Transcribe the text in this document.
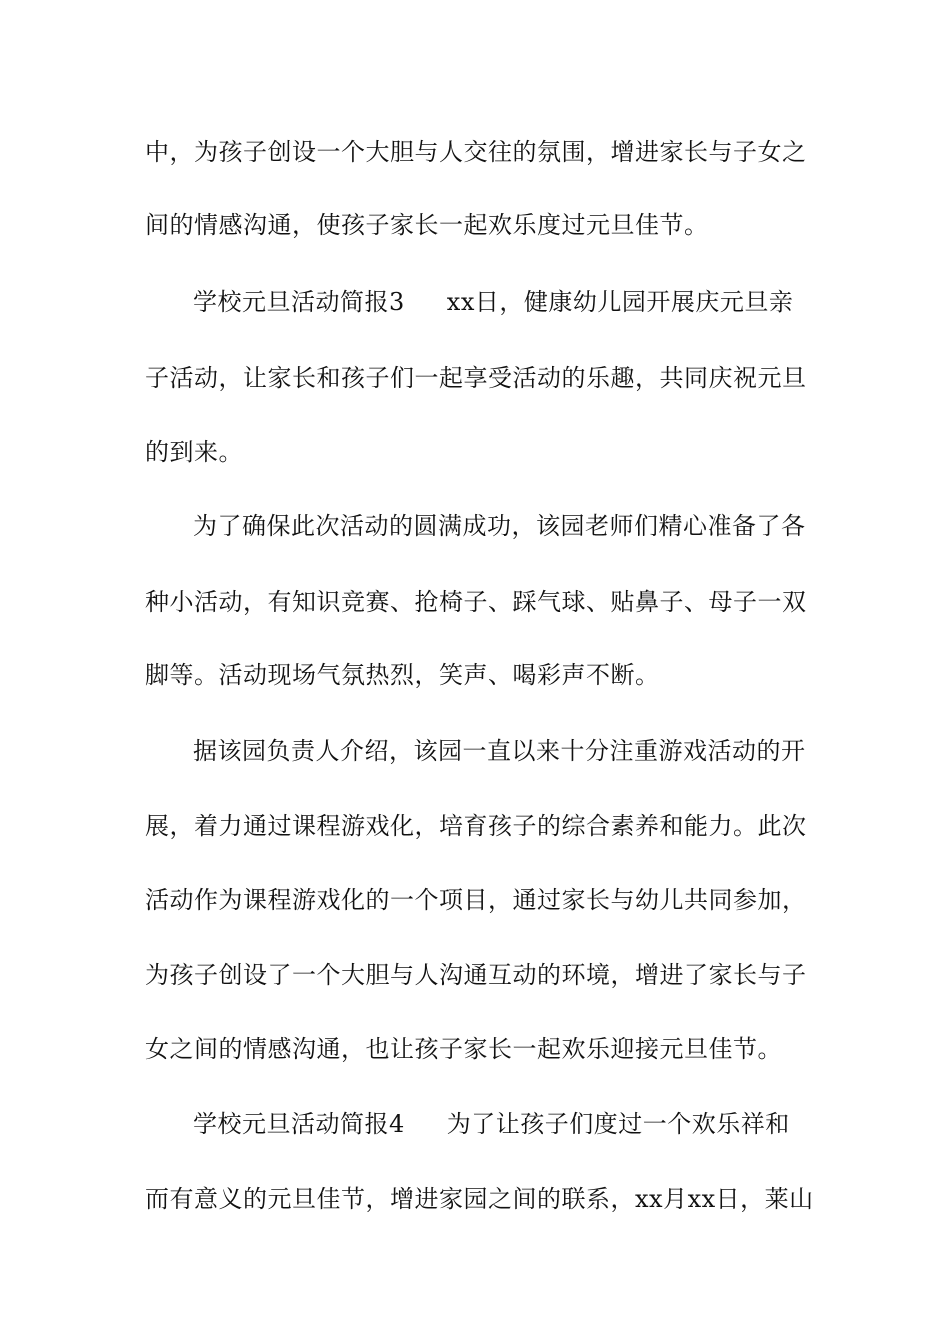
中，为孩子创设一个大胆与人交往的氛围，增进家长与子女之
间的情感沟通，使孩子家长一起欢乐度过元旦佳节。
学校元旦活动简报3 xx日，健康幼儿园开展庆元旦亲
子活动，让家长和孩子们一起享受活动的乐趣，共同庆祝元旦
的到来。
为了确保此次活动的圆满成功，该园老师们精心准备了各
种小活动，有知识竞赛、抢椅子、踩气球、贴鼻子、母子一双
脚等。活动现场气氛热烈，笑声、喝彩声不断。
据该园负责人介绍，该园一直以来十分注重游戏活动的开
展，着力通过课程游戏化，培育孩子的综合素养和能力。此次
活动作为课程游戏化的一个项目，通过家长与幼儿共同参加，
为孩子创设了一个大胆与人沟通互动的环境，增进了家长与子
女之间的情感沟通，也让孩子家长一起欢乐迎接元旦佳节。
学校元旦活动简报4 为了让孩子们度过一个欢乐祥和
而有意义的元旦佳节，增进家园之间的联系，xx月xx日，莱山
